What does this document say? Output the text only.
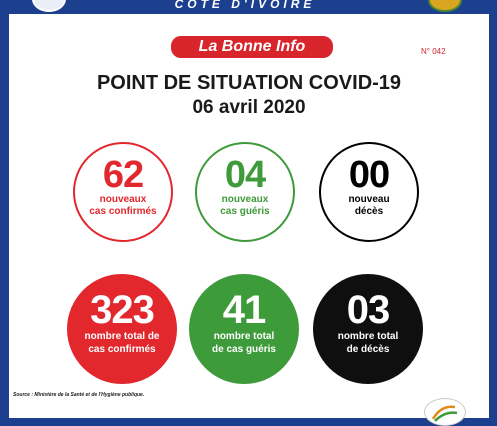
COTE D'IVOIRE
La Bonne Info	N° 042
POINT DE SITUATION COVID-19
06 avril 2020
62
nouveaux
cas confirmés
04
nouveaux
cas guéris
00
nouveau
décès
323
nombre total de
cas confirmés
41
nombre total
de cas guéris
03
nombre total
de décès
Source : Ministère de la Santé et de l'Hygiène publique.
